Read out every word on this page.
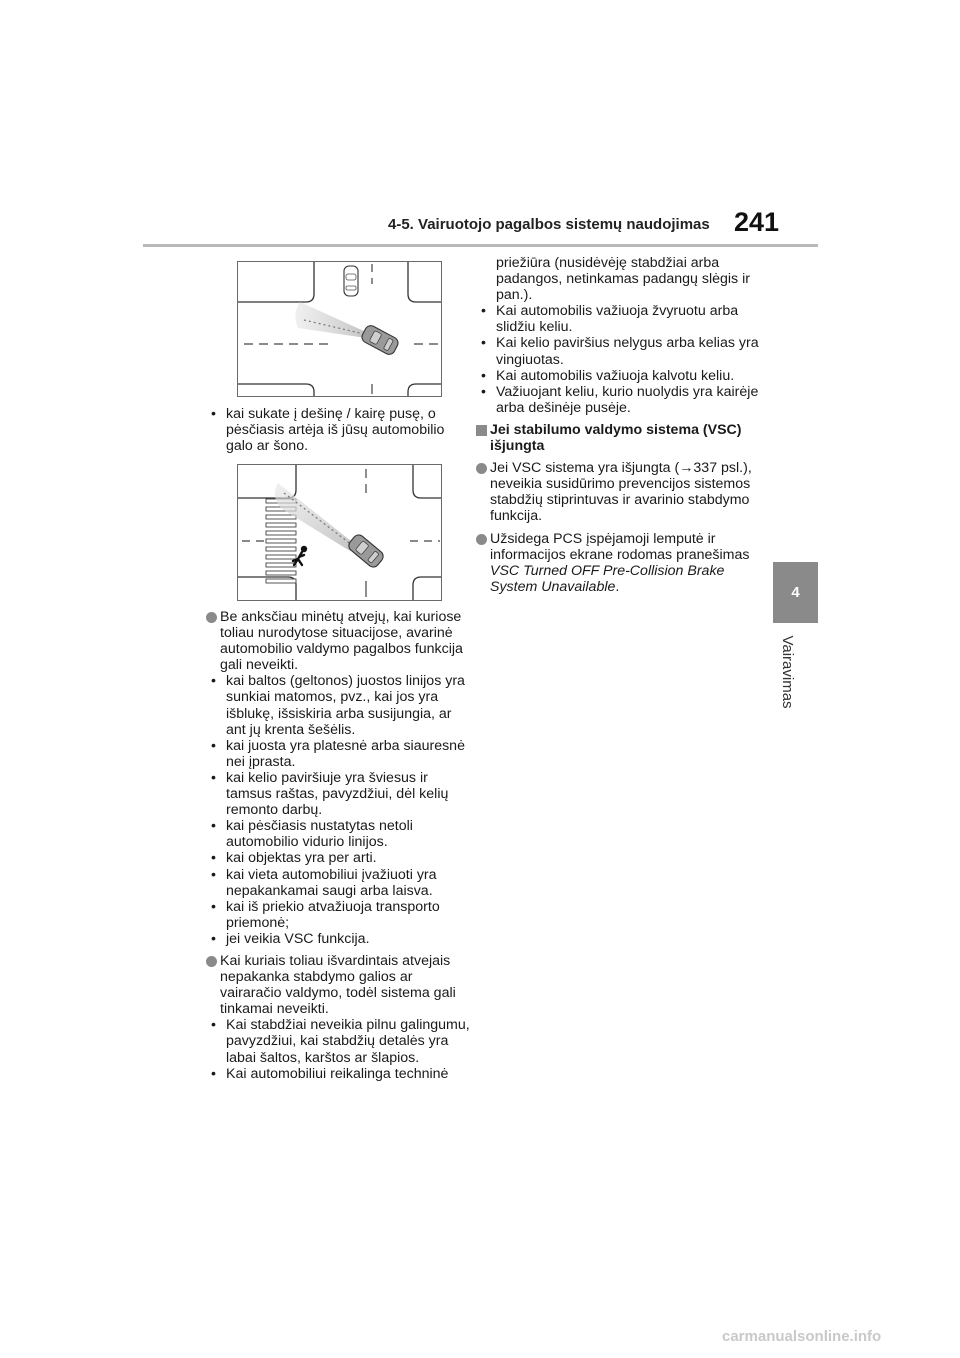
4-5. Vairuotojo pagalbos sistemų naudojimas 241
4
Vairavimas
• kai sukate į dešinę / kairę pusę, o pėsčiasis artėja iš jūsų automobilio galo ar šono.
Be anksčiau minėtų atvejų, kai kuriose toliau nurodytose situacijose, avarinė automobilio valdymo pagalbos funkcija gali neveikti.
• kai baltos (geltonos) juostos linijos yra sunkiai matomos, pvz., kai jos yra išblukę, išsiskiria arba susijungia, ar ant jų krenta šešėlis.
• kai juosta yra platesnė arba siauresnė nei įprasta.
• kai kelio paviršiuje yra šviesus ir tamsus raštas, pavyzdžiui, dėl kelių remonto darbų.
• kai pėsčiasis nustatytas netoli automobilio vidurio linijos.
• kai objektas yra per arti.
• kai vieta automobiliui įvažiuoti yra nepakankamai saugi arba laisva.
• kai iš priekio atvažiuoja transporto priemonė;
• jei veikia VSC funkcija.
Kai kuriais toliau išvardintais atvejais nepakanka stabdymo galios ar vairaračio valdymo, todėl sistema gali tinkamai neveikti.
• Kai stabdžiai neveikia pilnu galingumu, pavyzdžiui, kai stabdžių detalės yra labai šaltos, karštos ar šlapios.
• Kai automobiliui reikalinga techninė
priežiūra (nusidėvėję stabdžiai arba padangos, netinkamas padangų slėgis ir pan.).
• Kai automobilis važiuoja žvyruotu arba slidžiu keliu.
• Kai kelio paviršius nelygus arba kelias yra vingiuotas.
• Kai automobilis važiuoja kalvotu keliu.
• Važiuojant keliu, kurio nuolydis yra kairėje arba dešinėje pusėje.
Jei stabilumo valdymo sistema (VSC) išjungta
Jei VSC sistema yra išjungta (→337 psl.), neveikia susidūrimo prevencijos sistemos stabdžių stiprintuvas ir avarinio stabdymo funkcija.
Užsidega PCS įspėjamoji lemputė ir informacijos ekrane rodomas pranešimas VSC Turned OFF Pre-Collision Brake System Unavailable.
carmanualsonline.info
